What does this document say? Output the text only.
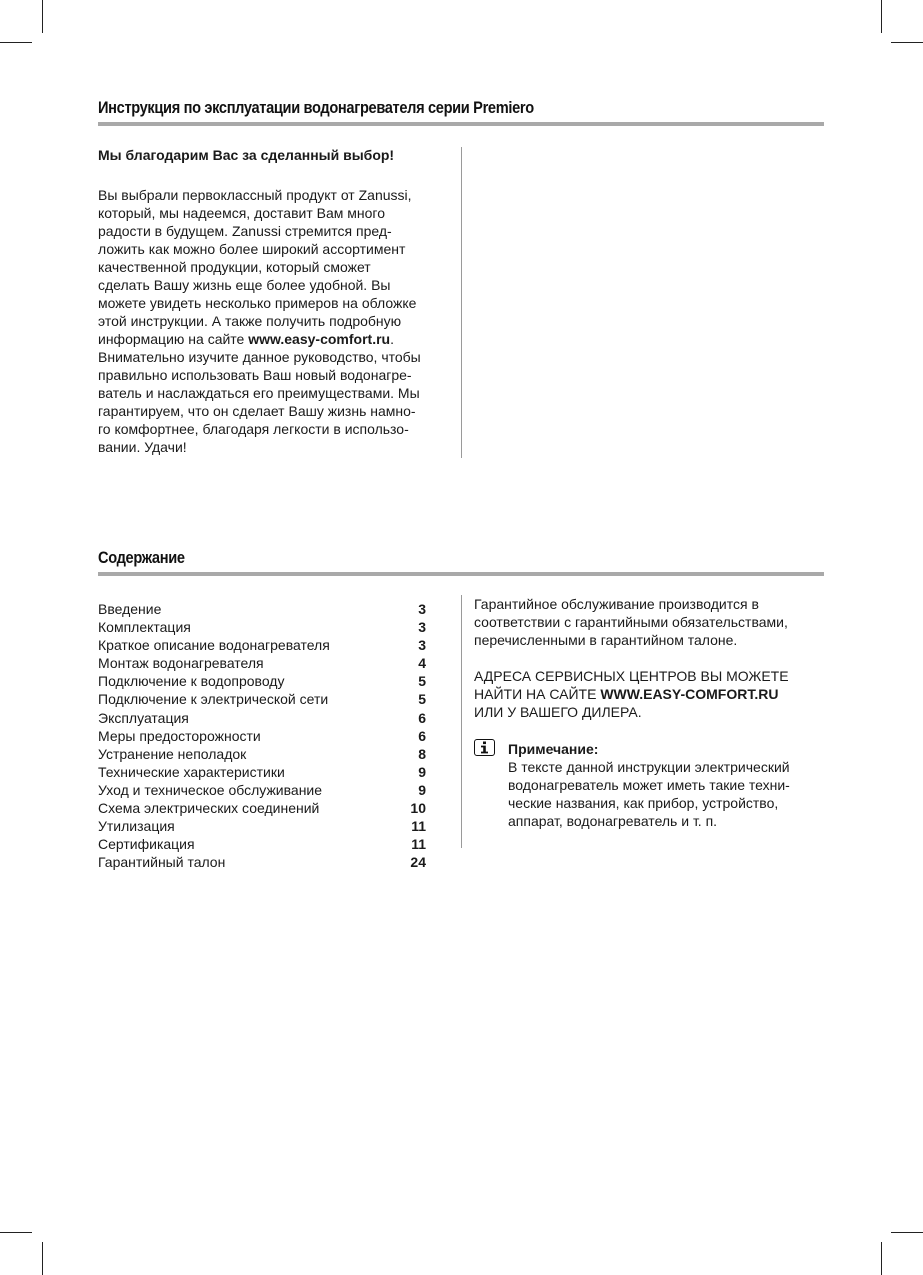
Инструкция по эксплуатации водонагревателя серии Premiero
Мы благодарим Вас за сделанный выбор!
Вы выбрали первоклассный продукт от Zanussi,
который, мы надеемся, доставит Вам много
радости в будущем. Zanussi стремится пред-
ложить как можно более широкий ассортимент
качественной продукции, который сможет
сделать Вашу жизнь еще более удобной. Вы
можете увидеть несколько примеров на обложке
этой инструкции. А также получить подробную
информацию на сайте www.easy-comfort.ru.
Внимательно изучите данное руководство, чтобы
правильно использовать Ваш новый водонагре-
ватель и наслаждаться его преимуществами. Мы
гарантируем, что он сделает Вашу жизнь намно-
го комфортнее, благодаря легкости в использо-
вании. Удачи!
Содержание
Введение	3
Комплектация	3
Краткое описание водонагревателя	3
Монтаж водонагревателя	4
Подключение к водопроводу	5
Подключение к электрической сети	5
Эксплуатация	6
Меры предосторожности	6
Устранение неполадок	8
Технические характеристики	9
Уход и техническое обслуживание	9
Схема электрических соединений	10
Утилизация	11
Сертификация	11
Гарантийный талон	24
Гарантийное обслуживание производится в
соответствии с гарантийными обязательствами,
перечисленными в гарантийном талоне.
АДРЕСА СЕРВИСНЫХ ЦЕНТРОВ ВЫ МОЖЕТЕ
НАЙТИ НА САЙТЕ WWW.EASY-COMFORT.RU
ИЛИ У ВАШЕГО ДИЛЕРА.
Примечание:
В тексте данной инструкции электрический
водонагреватель может иметь такие техни-
ческие названия, как прибор, устройство,
аппарат, водонагреватель и т. п.
